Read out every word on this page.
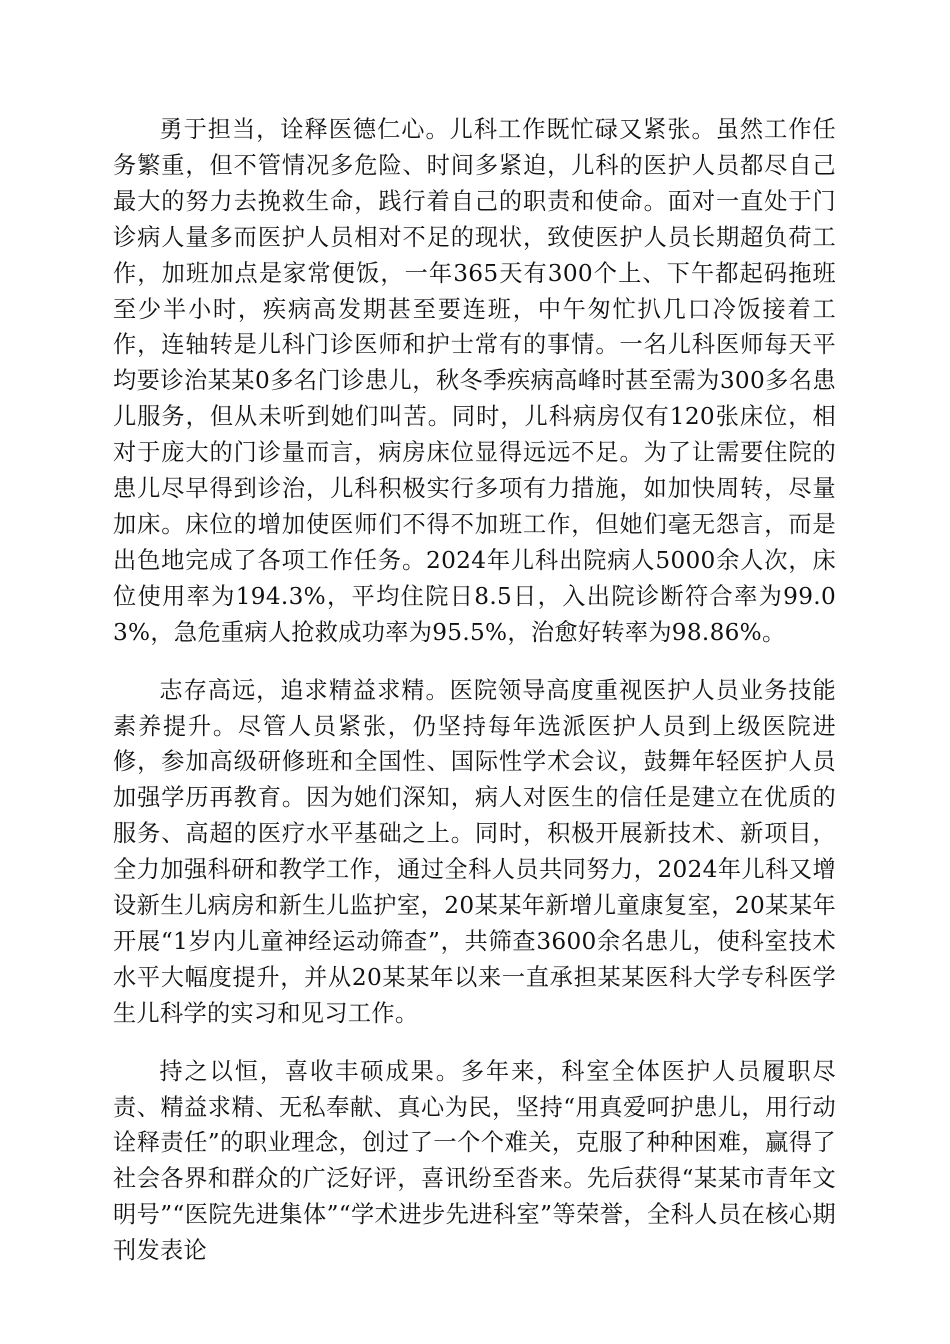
勇于担当，诠释医德仁心。儿科工作既忙碌又紧张。虽然工作任务繁重，但不管情况多危险、时间多紧迫，儿科的医护人员都尽自己最大的努力去挽救生命，践行着自己的职责和使命。面对一直处于门诊病人量多而医护人员相对不足的现状，致使医护人员长期超负荷工作，加班加点是家常便饭，一年365天有300个上、下午都起码拖班至少半小时，疾病高发期甚至要连班，中午匆忙扒几口冷饭接着工作，连轴转是儿科门诊医师和护士常有的事情。一名儿科医师每天平均要诊治某某0多名门诊患儿，秋冬季疾病高峰时甚至需为300多名患儿服务，但从未听到她们叫苦。同时，儿科病房仅有120张床位，相对于庞大的门诊量而言，病房床位显得远远不足。为了让需要住院的患儿尽早得到诊治，儿科积极实行多项有力措施，如加快周转，尽量加床。床位的增加使医师们不得不加班工作，但她们毫无怨言，而是出色地完成了各项工作任务。2024年儿科出院病人5000余人次，床位使用率为194.3%，平均住院日8.5日，入出院诊断符合率为99.03%，急危重病人抢救成功率为95.5%，治愈好转率为98.86%。

志存高远，追求精益求精。医院领导高度重视医护人员业务技能素养提升。尽管人员紧张，仍坚持每年选派医护人员到上级医院进修，参加高级研修班和全国性、国际性学术会议，鼓舞年轻医护人员加强学历再教育。因为她们深知，病人对医生的信任是建立在优质的服务、高超的医疗水平基础之上。同时，积极开展新技术、新项目，全力加强科研和教学工作，通过全科人员共同努力，2024年儿科又增设新生儿病房和新生儿监护室，20某某年新增儿童康复室，20某某年开展“1岁内儿童神经运动筛查”，共筛查3600余名患儿，使科室技术水平大幅度提升，并从20某某年以来一直承担某某医科大学专科医学生儿科学的实习和见习工作。

持之以恒，喜收丰硕成果。多年来，科室全体医护人员履职尽责、精益求精、无私奉献、真心为民，坚持“用真爱呵护患儿，用行动诠释责任”的职业理念，创过了一个个难关，克服了种种困难，赢得了社会各界和群众的广泛好评，喜讯纷至沓来。先后获得“某某市青年文明号”“医院先进集体”“学术进步先进科室”等荣誉，全科人员在核心期刊发表论
